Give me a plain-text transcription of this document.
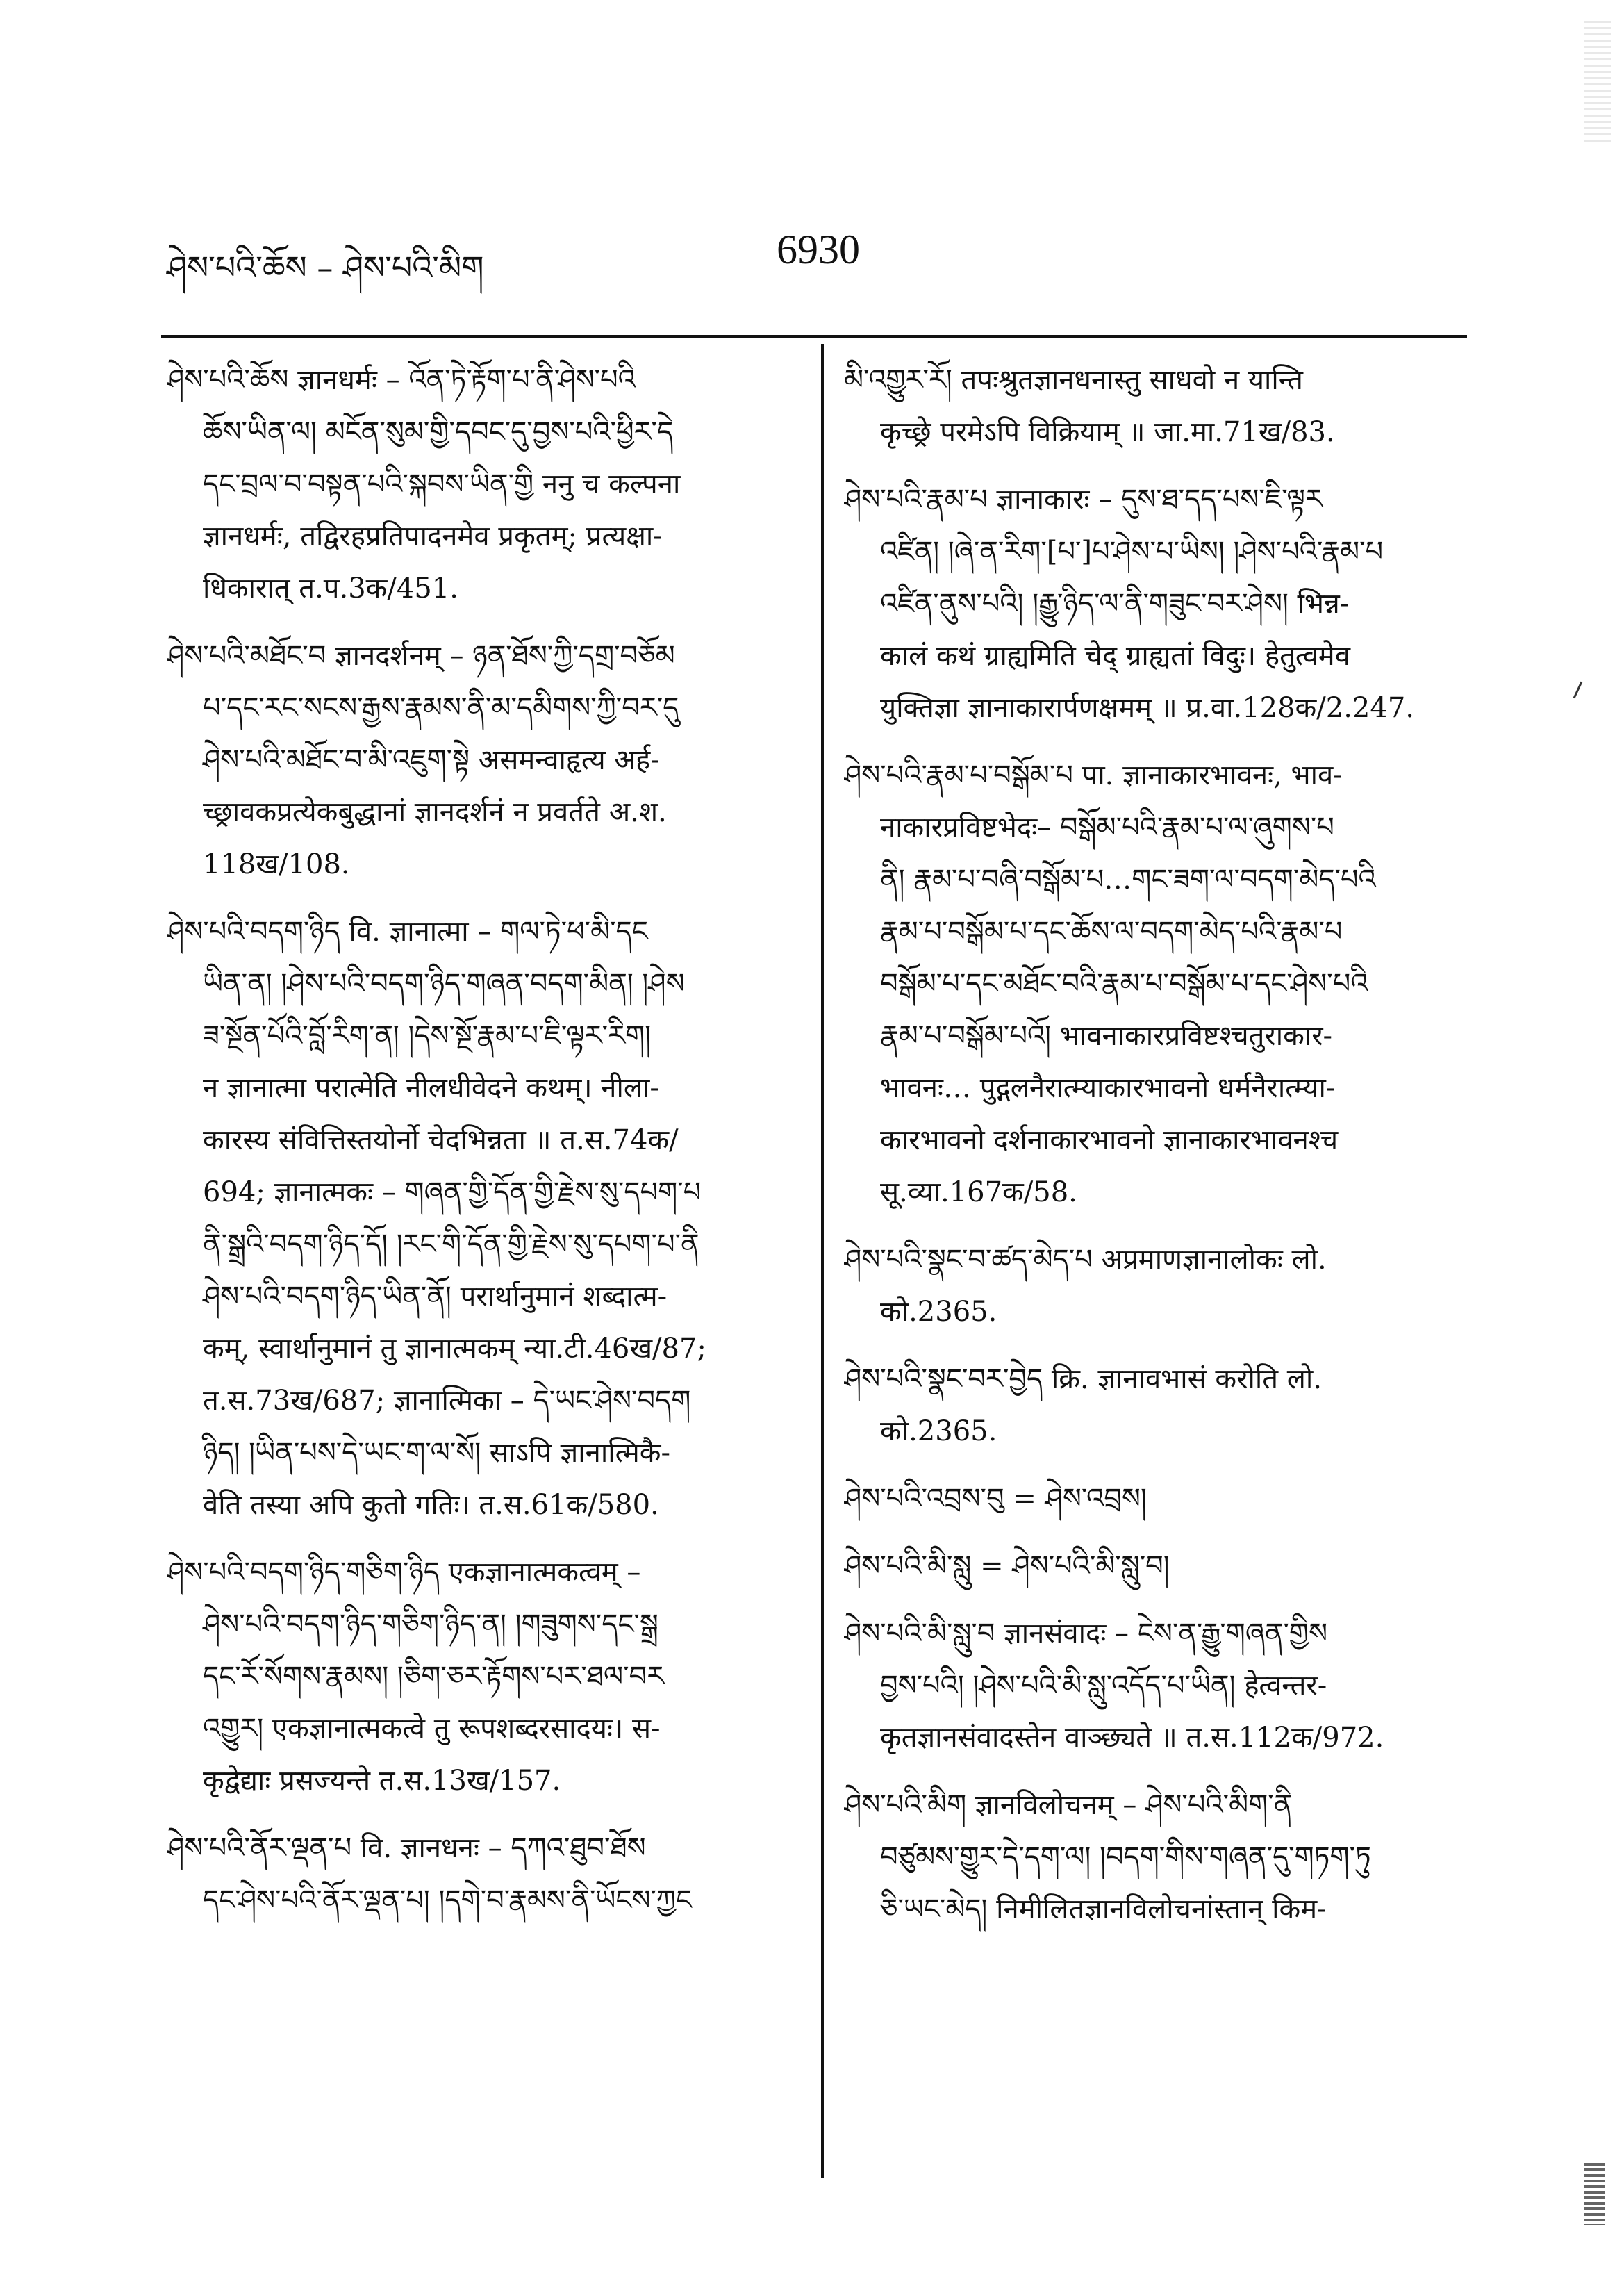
ཤེས་པའི་ཆོས – ཤེས་པའི་མིག	6930
ཤེས་པའི་ཆོས ज्ञानधर्मः – འོན་ཏེ་རྟོག་པ་ནི་ཤེས་པའི
ཆོས་ཡིན་ལ། མངོན་སུམ་གྱི་དབང་དུ་བྱས་པའི་ཕྱིར་དེ
དང་བྲལ་བ་བསྟན་པའི་སྐབས་ཡིན་གྱི ननु च कल्पना
ज्ञानधर्मः, तद्विरहप्रतिपादनमेव प्रकृतम्; प्रत्यक्षा-
धिकारात् त.प.3क/451.
ཤེས་པའི་མཐོང་བ ज्ञानदर्शनम् – ཉན་ཐོས་ཀྱི་དགྲ་བཅོམ
པ་དང་རང་སངས་རྒྱས་རྣམས་ནི་མ་དམིགས་ཀྱི་བར་དུ
ཤེས་པའི་མཐོང་བ་མི་འཇུག་སྟེ असमन्वाहृत्य अर्ह-
च्छ्रावकप्रत्येकबुद्धानां ज्ञानदर्शनं न प्रवर्तते अ.श.
118ख/108.
ཤེས་པའི་བདག་ཉིད वि. ज्ञानात्मा – གལ་ཏེ་ཕ་མི་དང
ཡིན་ན། །ཤེས་པའི་བདག་ཉིད་གཞན་བདག་མིན། །ཤེས
ཟ་སྔོན་པོའི་བློ་རིག་ན། །དེས་སྔོ་རྣམ་པ་ཇི་ལྟར་རིག།
न ज्ञानात्मा परात्मेति नीलधीवेदने कथम्। नीला-
कारस्य संवित्तिस्तयोर्नो चेदभिन्नता ॥ त.स.74क/
694; ज्ञानात्मकः – གཞན་གྱི་དོན་གྱི་རྗེས་སུ་དཔག་པ
ནི་སྒྲའི་བདག་ཉིད་དོ། །རང་གི་དོན་གྱི་རྗེས་སུ་དཔག་པ་ནི
ཤེས་པའི་བདག་ཉིད་ཡིན་ནོ། परार्थानुमानं शब्दात्म-
कम्, स्वार्थानुमानं तु ज्ञानात्मकम् न्या.टी.46ख/87;
त.स.73ख/687; ज्ञानात्मिका – དེ་ཡང་ཤེས་བདག
ཉིད། །ཡིན་པས་དེ་ཡང་ག་ལ་སོ། साऽपि ज्ञानात्मिकै-
वेति तस्या अपि कुतो गतिः। त.स.61क/580.
ཤེས་པའི་བདག་ཉིད་གཅིག་ཉིད एकज्ञानात्मकत्वम् –
ཤེས་པའི་བདག་ཉིད་གཅིག་ཉིད་ན། །གཟུགས་དང་སྒྲ
དང་རོ་སོགས་རྣམས། །ཅིག་ཅར་རྟོགས་པར་ཐལ་བར
འགྱུར། एकज्ञानात्मकत्वे तु रूपशब्दरसादयः। स-
कृद्वेद्याः प्रसज्यन्ते त.स.13ख/157.
ཤེས་པའི་ནོར་ལྡན་པ वि. ज्ञानधनः – དཀའ་ཐུབ་ཐོས
དང་ཤེས་པའི་ནོར་ལྡན་པ། །དགེ་བ་རྣམས་ནི་ཡོངས་ཀྱང
མི་འགྱུར་རོ། तपःश्रुतज्ञानधनास्तु साधवो न यान्ति
कृच्छ्रे परमेऽपि विक्रियाम् ॥ जा.मा.71ख/83.
ཤེས་པའི་རྣམ་པ ज्ञानाकारः – དུས་ཐ་དད་པས་ཇི་ལྟར
འཛིན། །ཞེ་ན་རིག་[པ་]པ་ཤེས་པ་ཡིས། །ཤེས་པའི་རྣམ་པ
འཛིན་ནུས་པའི། །རྒྱུ་ཉིད་ལ་ནི་གཟུང་བར་ཤེས། भिन्न-
कालं कथं ग्राह्यमिति चेद् ग्राह्यतां विदुः। हेतुत्वमेव
युक्तिज्ञा ज्ञानाकारार्पणक्षमम् ॥ प्र.वा.128क/2.247.
ཤེས་པའི་རྣམ་པ་བསྒོམ་པ पा. ज्ञानाकारभावनः, भाव-
नाकारप्रविष्टभेदः– བསྒོམ་པའི་རྣམ་པ་ལ་ཞུགས་པ
ནི། རྣམ་པ་བཞི་བསྒོམ་པ…གང་ཟག་ལ་བདག་མེད་པའི
རྣམ་པ་བསྒོམ་པ་དང་ཆོས་ལ་བདག་མེད་པའི་རྣམ་པ
བསྒོམ་པ་དང་མཐོང་བའི་རྣམ་པ་བསྒོམ་པ་དང་ཤེས་པའི
རྣམ་པ་བསྒོམ་པའོ། भावनाकारप्रविष्टश्चतुराकार-
भावनः… पुद्गलनैरात्म्याकारभावनो धर्मनैरात्म्या-
कारभावनो दर्शनाकारभावनो ज्ञानाकारभावनश्च
सू.व्या.167क/58.
ཤེས་པའི་སྣང་བ་ཚད་མེད་པ अप्रमाणज्ञानालोकः लो.
को.2365.
ཤེས་པའི་སྣང་བར་བྱེད क्रि. ज्ञानावभासं करोति लो.
को.2365.
ཤེས་པའི་འབྲས་བུ = ཤེས་འབྲས།
ཤེས་པའི་མི་སླུ = ཤེས་པའི་མི་སླུ་བ།
ཤེས་པའི་མི་སླུ་བ ज्ञानसंवादः – ངེས་ན་རྒྱུ་གཞན་གྱིས
བྱས་པའི། །ཤེས་པའི་མི་སླུ་འདོད་པ་ཡིན། हेत्वन्तर-
कृतज्ञानसंवादस्तेन वाञ्छ्यते ॥ त.स.112क/972.
ཤེས་པའི་མིག ज्ञानविलोचनम् – ཤེས་པའི་མིག་ནི
བཙུམས་གྱུར་དེ་དག་ལ། །བདག་གིས་གཞན་དུ་གཏག་ཏུ
ཅི་ཡང་མེད། निमीलितज्ञानविलोचनांस्तान् किम-
